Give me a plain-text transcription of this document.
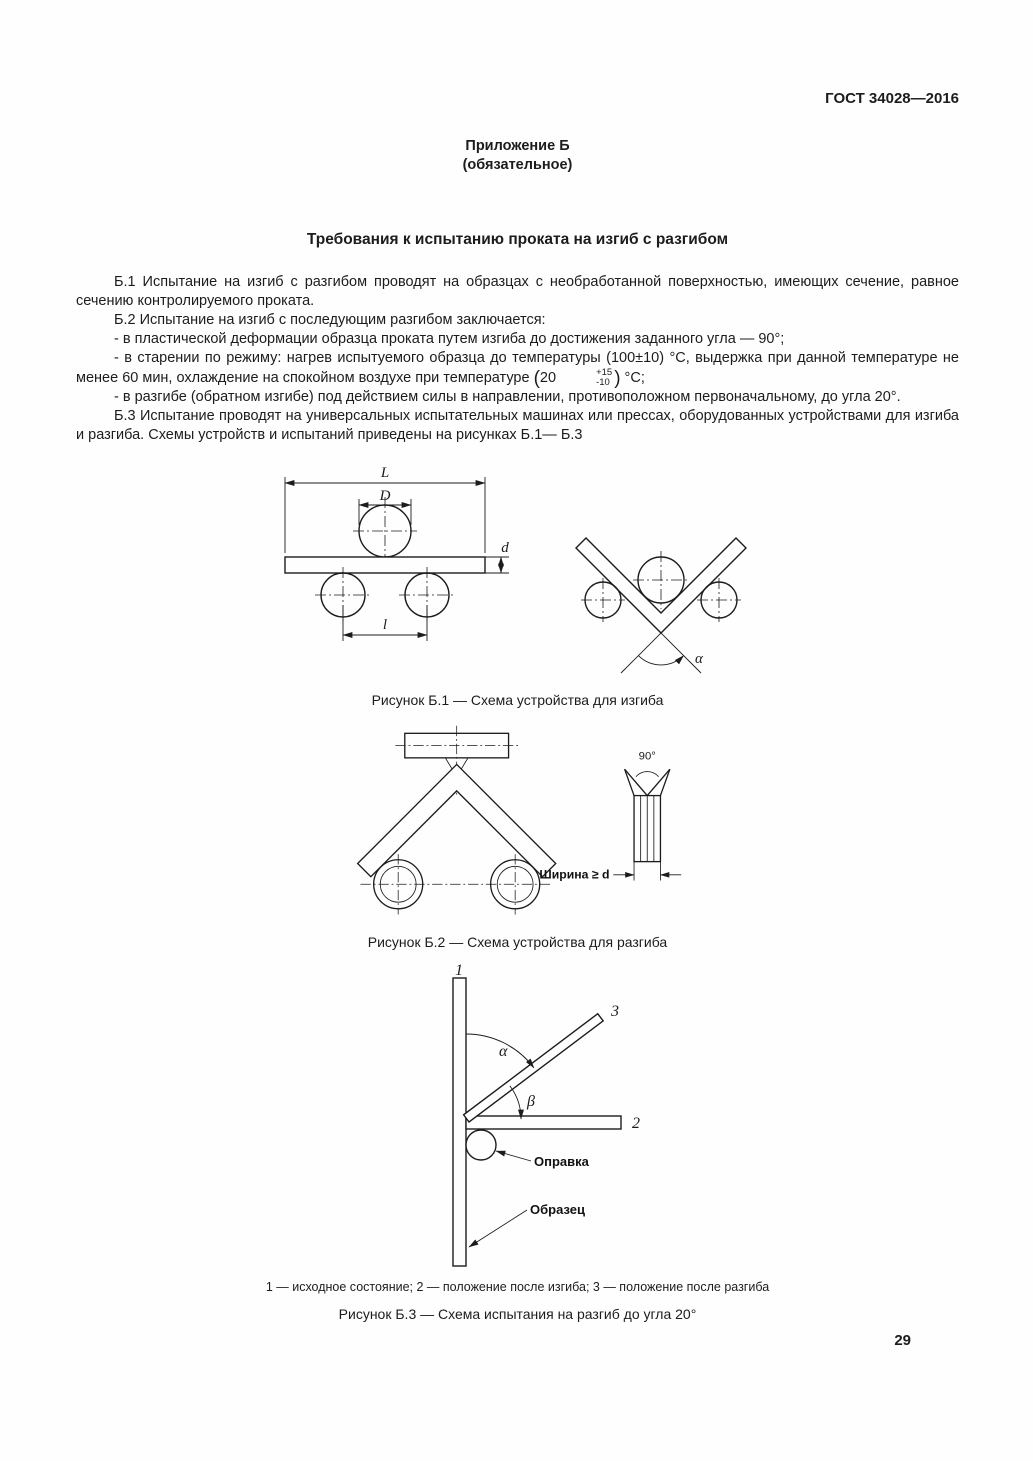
ГОСТ 34028—2016
Приложение Б
(обязательное)
Требования к испытанию проката на изгиб с разгибом

Б.1 Испытание на изгиб с разгибом проводят на образцах с необработанной поверхностью, имеющих сечение, равное сечению контролируемого проката.

Б.2 Испытание на изгиб с последующим разгибом заключается:

- в пластической деформации образца проката путем изгиба до достижения заданного угла — 90°;

- в старении по режиму: нагрев испытуемого образца до температуры (100±10) °С, выдержка при данной температуре не менее 60 мин, охлаждение на спокойном воздухе при температуре (20	+15
-10 ) °С;

- в разгибе (обратном изгибе) под действием силы в направлении, противоположном первоначальному, до угла 20°.

Б.3 Испытание проводят на универсальных испытательных машинах или прессах, оборудованных устройствами для изгиба и разгиба. Схемы устройств и испытаний приведены на рисунках Б.1— Б.3

L
D
d
l
α

Рисунок Б.1 — Схема устройства для изгиба

90°
Ширина ≥ d

Рисунок Б.2 — Схема устройства для разгиба

α
β
1
2
3
Оправка
Образец

1 — исходное состояние; 2 — положение после изгиба; 3 — положение после разгиба

Рисунок Б.3 — Схема испытания на разгиб до угла 20°

29
